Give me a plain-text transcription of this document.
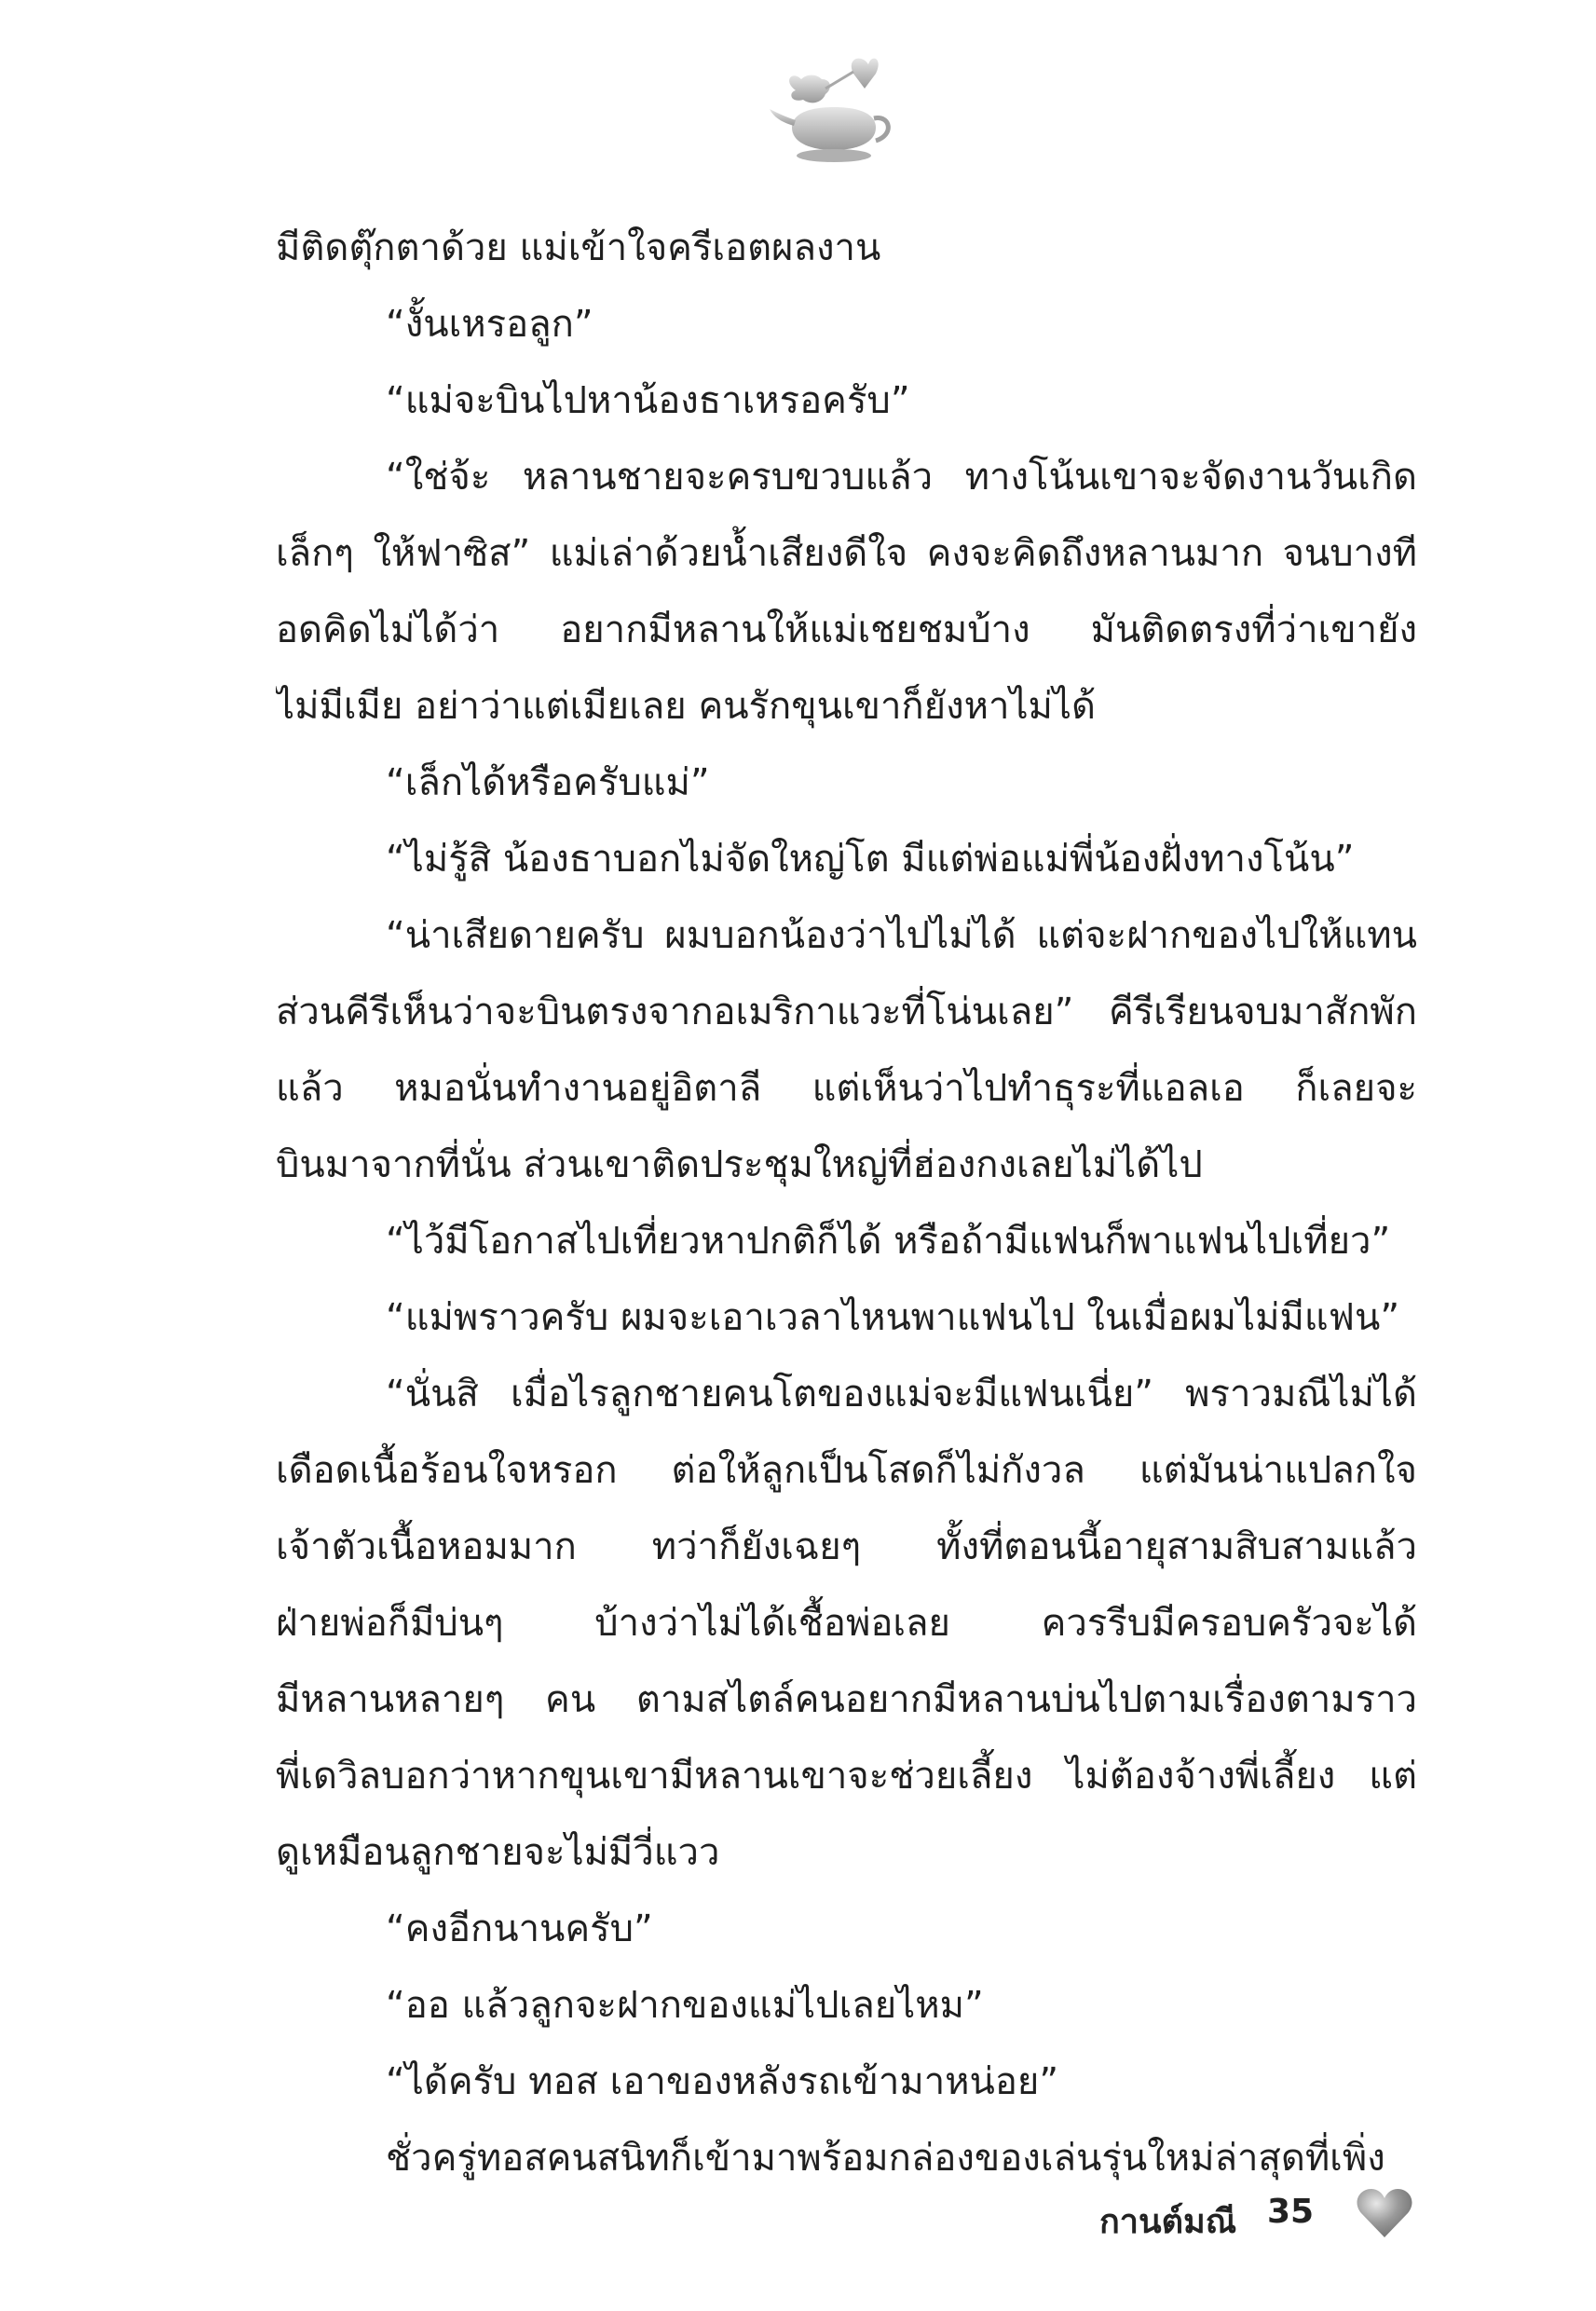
มีติดตุ๊กตาด้วย แม่เข้าใจครีเอตผลงาน
“งั้นเหรอลูก”
“แม่จะบินไปหาน้องธาเหรอครับ”
“ใช่จ้ะ หลานชายจะครบขวบแล้ว ทางโน้นเขาจะจัดงานวันเกิด
เล็กๆ ให้ฟาซิส” แม่เล่าด้วยน้ำเสียงดีใจ คงจะคิดถึงหลานมาก จนบางที
อดคิดไม่ได้ว่า อยากมีหลานให้แม่เชยชมบ้าง มันติดตรงที่ว่าเขายัง
ไม่มีเมีย อย่าว่าแต่เมียเลย คนรักขุนเขาก็ยังหาไม่ได้
“เล็กได้หรือครับแม่”
“ไม่รู้สิ น้องธาบอกไม่จัดใหญ่โต มีแต่พ่อแม่พี่น้องฝั่งทางโน้น”
“น่าเสียดายครับ ผมบอกน้องว่าไปไม่ได้ แต่จะฝากของไปให้แทน
ส่วนคีรีเห็นว่าจะบินตรงจากอเมริกาแวะที่โน่นเลย” คีรีเรียนจบมาสักพัก
แล้ว หมอนั่นทำงานอยู่อิตาลี แต่เห็นว่าไปทำธุระที่แอลเอ ก็เลยจะ
บินมาจากที่นั่น ส่วนเขาติดประชุมใหญ่ที่ฮ่องกงเลยไม่ได้ไป
“ไว้มีโอกาสไปเที่ยวหาปกติก็ได้ หรือถ้ามีแฟนก็พาแฟนไปเที่ยว”
“แม่พราวครับ ผมจะเอาเวลาไหนพาแฟนไป ในเมื่อผมไม่มีแฟน”
“นั่นสิ เมื่อไรลูกชายคนโตของแม่จะมีแฟนเนี่ย” พราวมณีไม่ได้
เดือดเนื้อร้อนใจหรอก ต่อให้ลูกเป็นโสดก็ไม่กังวล แต่มันน่าแปลกใจ
เจ้าตัวเนื้อหอมมาก ทว่าก็ยังเฉยๆ ทั้งที่ตอนนี้อายุสามสิบสามแล้ว
ฝ่ายพ่อก็มีบ่นๆ บ้างว่าไม่ได้เชื้อพ่อเลย ควรรีบมีครอบครัวจะได้
มีหลานหลายๆ คน ตามสไตล์คนอยากมีหลานบ่นไปตามเรื่องตามราว
พี่เดวิลบอกว่าหากขุนเขามีหลานเขาจะช่วยเลี้ยง ไม่ต้องจ้างพี่เลี้ยง แต่
ดูเหมือนลูกชายจะไม่มีวี่แวว
“คงอีกนานครับ”
“ออ แล้วลูกจะฝากของแม่ไปเลยไหม”
“ได้ครับ ทอส เอาของหลังรถเข้ามาหน่อย”
ชั่วครู่ทอสคนสนิทก็เข้ามาพร้อมกล่องของเล่นรุ่นใหม่ล่าสุดที่เพิ่ง
กานต์มณี 35
